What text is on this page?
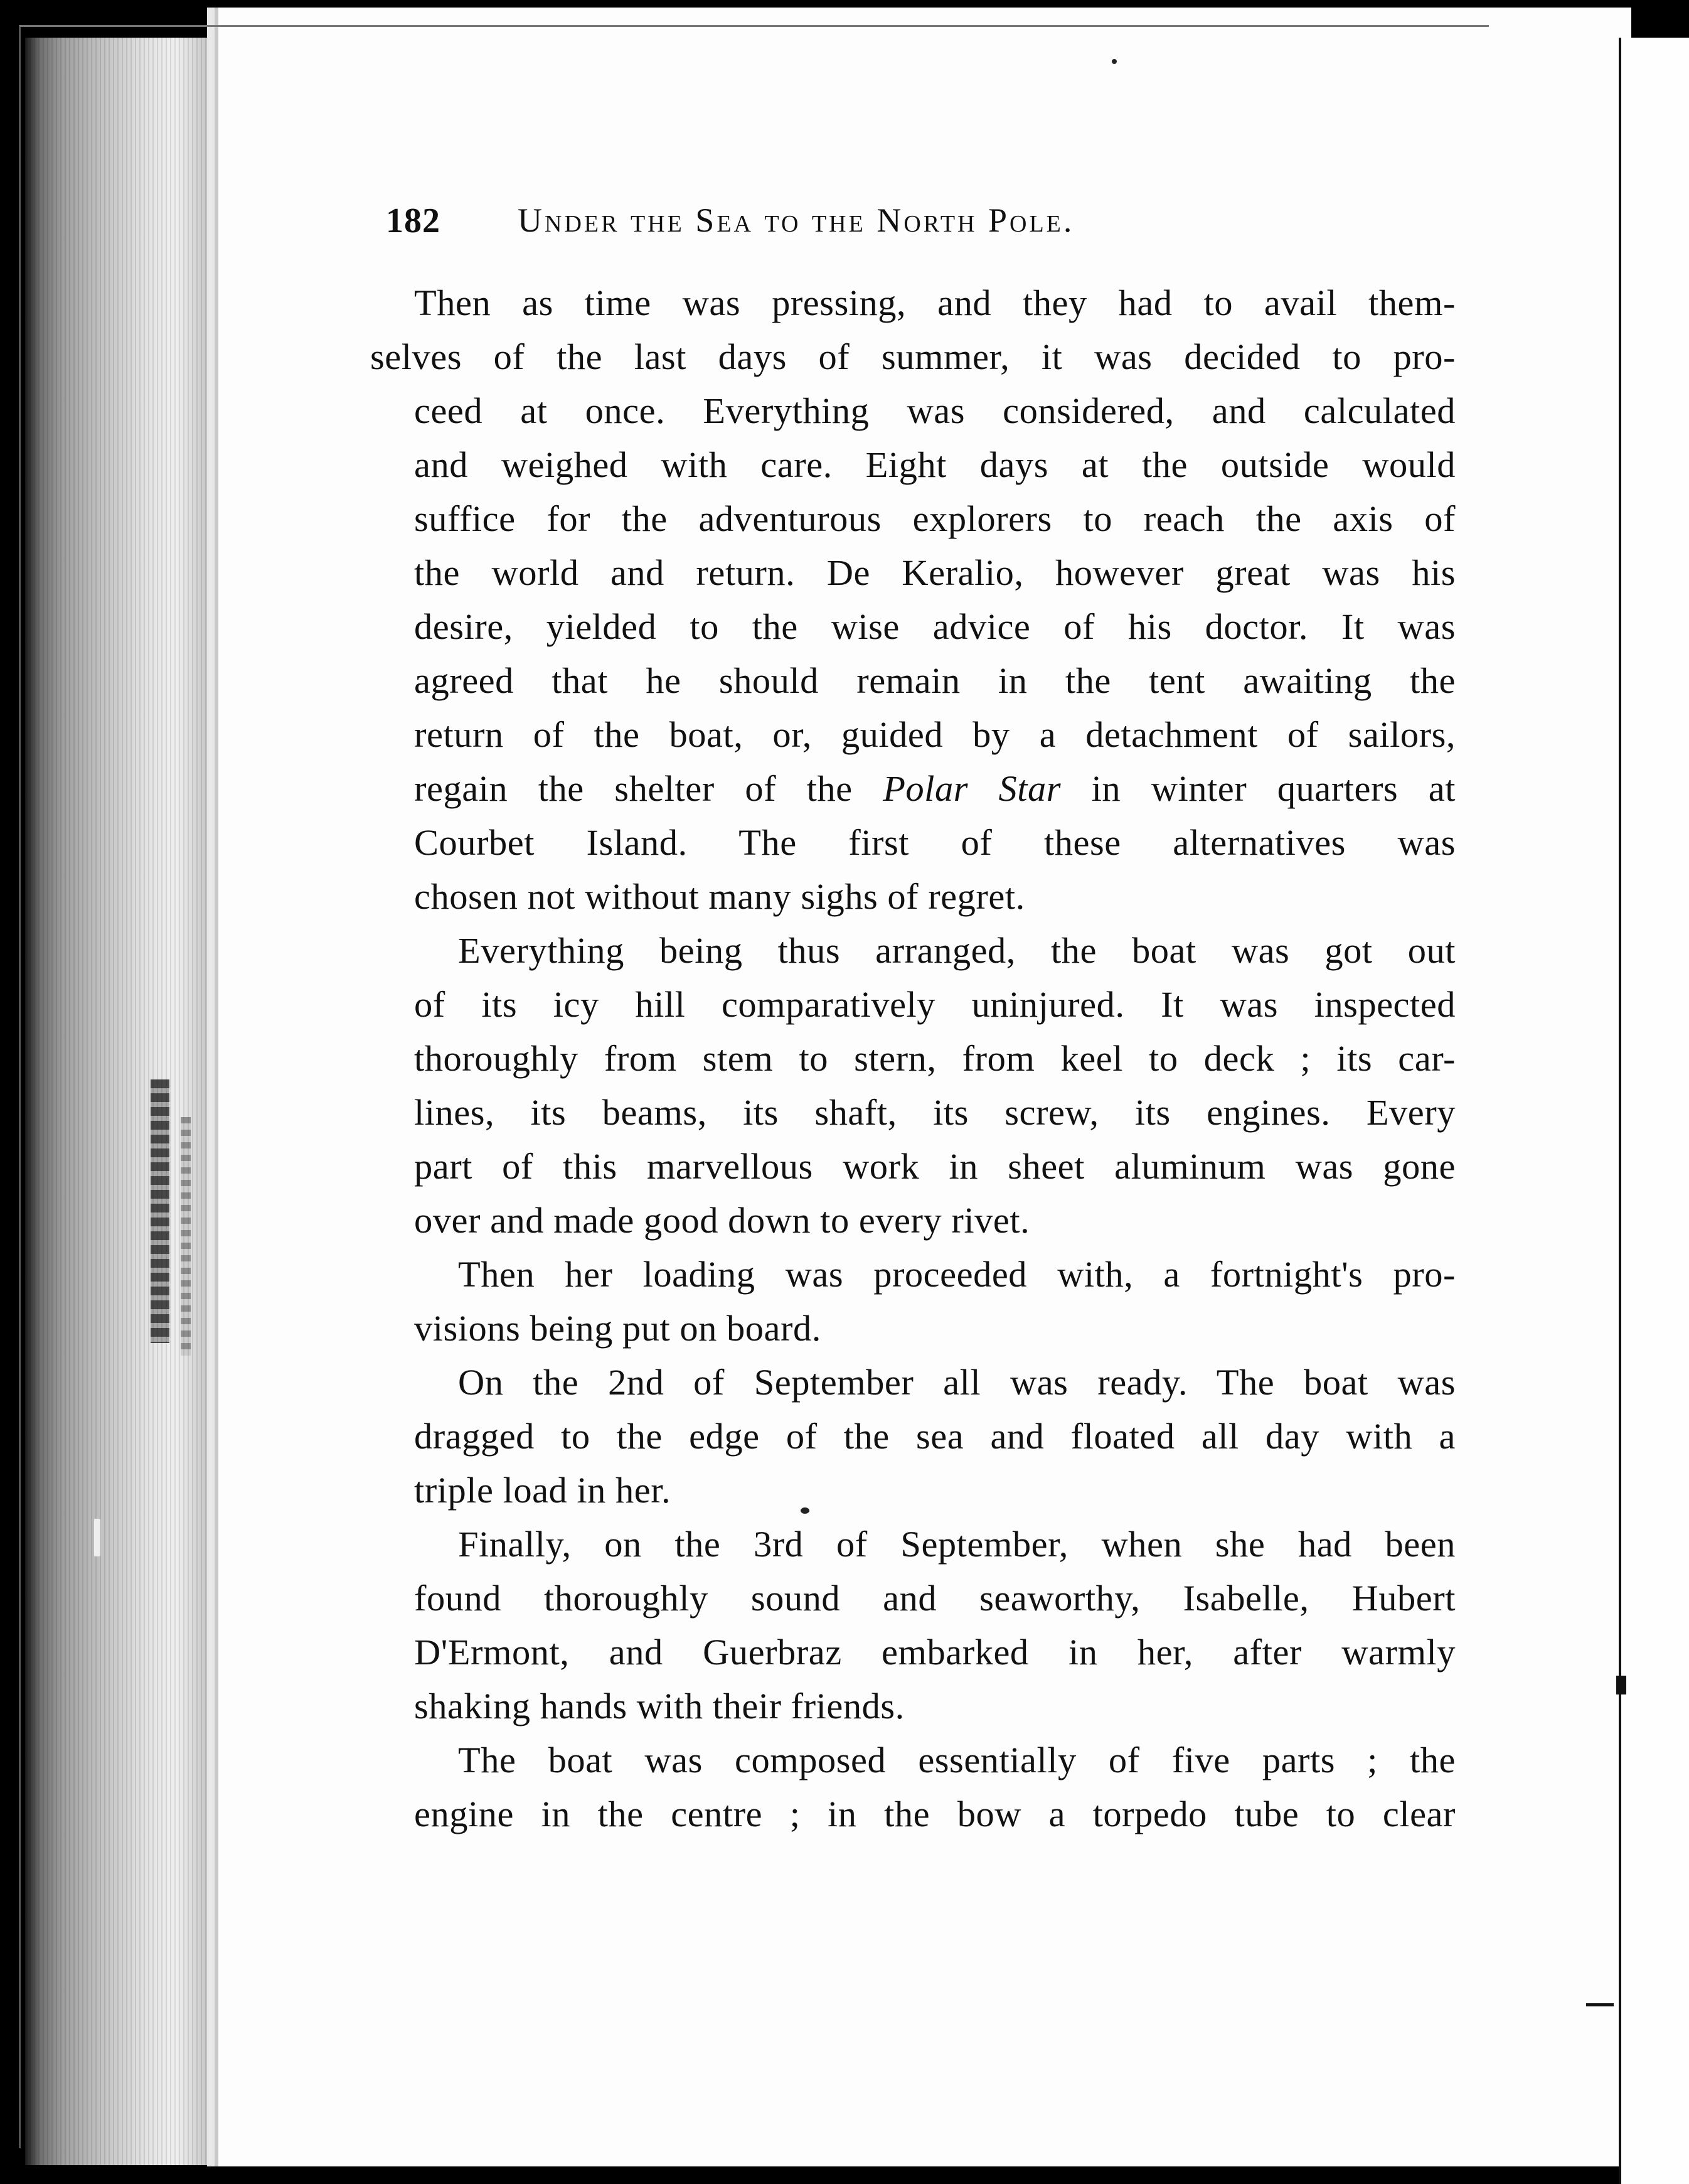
182 Under the Sea to the North Pole.

Then as time was pressing, and they had to avail them-
selves of the last days of summer, it was decided to pro-
ceed at once. Everything was considered, and calculated
and weighed with care. Eight days at the outside would
suffice for the adventurous explorers to reach the axis of
the world and return. De Keralio, however great was his
desire, yielded to the wise advice of his doctor. It was
agreed that he should remain in the tent awaiting the
return of the boat, or, guided by a detachment of sailors,
regain the shelter of the Polar Star in winter quarters at
Courbet Island. The first of these alternatives was
chosen not without many sighs of regret.

Everything being thus arranged, the boat was got out
of its icy hill comparatively uninjured. It was inspected
thoroughly from stem to stern, from keel to deck ; its car-
lines, its beams, its shaft, its screw, its engines. Every
part of this marvellous work in sheet aluminum was gone
over and made good down to every rivet.

Then her loading was proceeded with, a fortnight's pro-
visions being put on board.

On the 2nd of September all was ready. The boat was
dragged to the edge of the sea and floated all day with a
triple load in her.

Finally, on the 3rd of September, when she had been
found thoroughly sound and seaworthy, Isabelle, Hubert
D'Ermont, and Guerbraz embarked in her, after warmly
shaking hands with their friends.

The boat was composed essentially of five parts ; the
engine in the centre ; in the bow a torpedo tube to clear
